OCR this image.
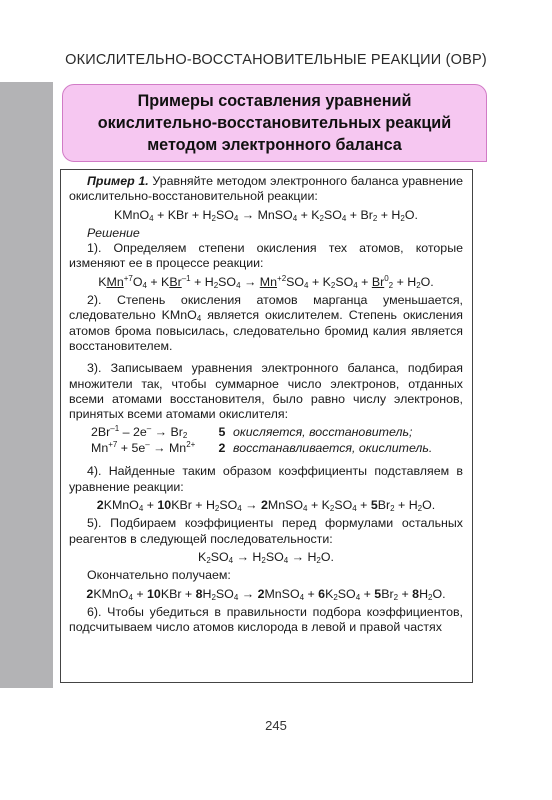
ОКИСЛИТЕЛЬНО-ВОССТАНОВИТЕЛЬНЫЕ РЕАКЦИИ (ОВР)
Примеры составления уравнений
окислительно-восстановительных реакций
методом электронного баланса

Пример 1. Уравняйте методом электронного баланса уравнение окислительно-восстановительной реакции:

KMnO$_4$ + KBr + $H_2SO_4$ → MnSO$_4$ + $K_2SO_4 + Br_2 + H_2O$.

Решение

1). Определяем степени окисления тех атомов, которые изменяют ее в процессе реакции:

$KMn^{+7}O_4 + KBr^{-1} + H_2SO_4 \to Mn^{+2}SO_4 + K_2SO_4 + Br^0_2 + H_2O$.

2). Степень окисления атомов марганца уменьшается, следовательно KMnO$_4$ является окислителем. Степень окисления атомов брома повысилась, следовательно бромид калия является восстановителем.

3). Записываем уравнения электронного баланса, подбирая множители так, чтобы суммарное число электронов, отданных всеми атомами восстановителя, было равно числу электронов, принятых всеми атомами окислителя:

$2Br^{-1} - 2e^- \to Br_2$	5	окисляется, восстановитель;
$Mn^{+7} + 5e^- \to Mn^{2+}$	2	восстанавливается, окислитель.

4). Найденные таким образом коэффициенты подставляем в уравнение реакции:

2KMnO$_4$ + $10KBr + H_2SO_4$ → 2MnSO$_4$ + $K_2SO_4 + 5Br_2 + H_2O$.

5). Подбираем коэффициенты перед формулами остальных реагентов в следующей последовательности:

$K_2SO_4 \to H_2SO_4 \to H_2O$.

Окончательно получаем:

2KMnO$_4$ + $10KBr + 8H_2SO_4$ → 2MnSO$_4$ + $6K_2SO_4 + 5Br_2 + 8H_2O$.

6). Чтобы убедиться в правильности подбора коэффициентов, подсчитываем число атомов кислорода в левой и правой частях

245
